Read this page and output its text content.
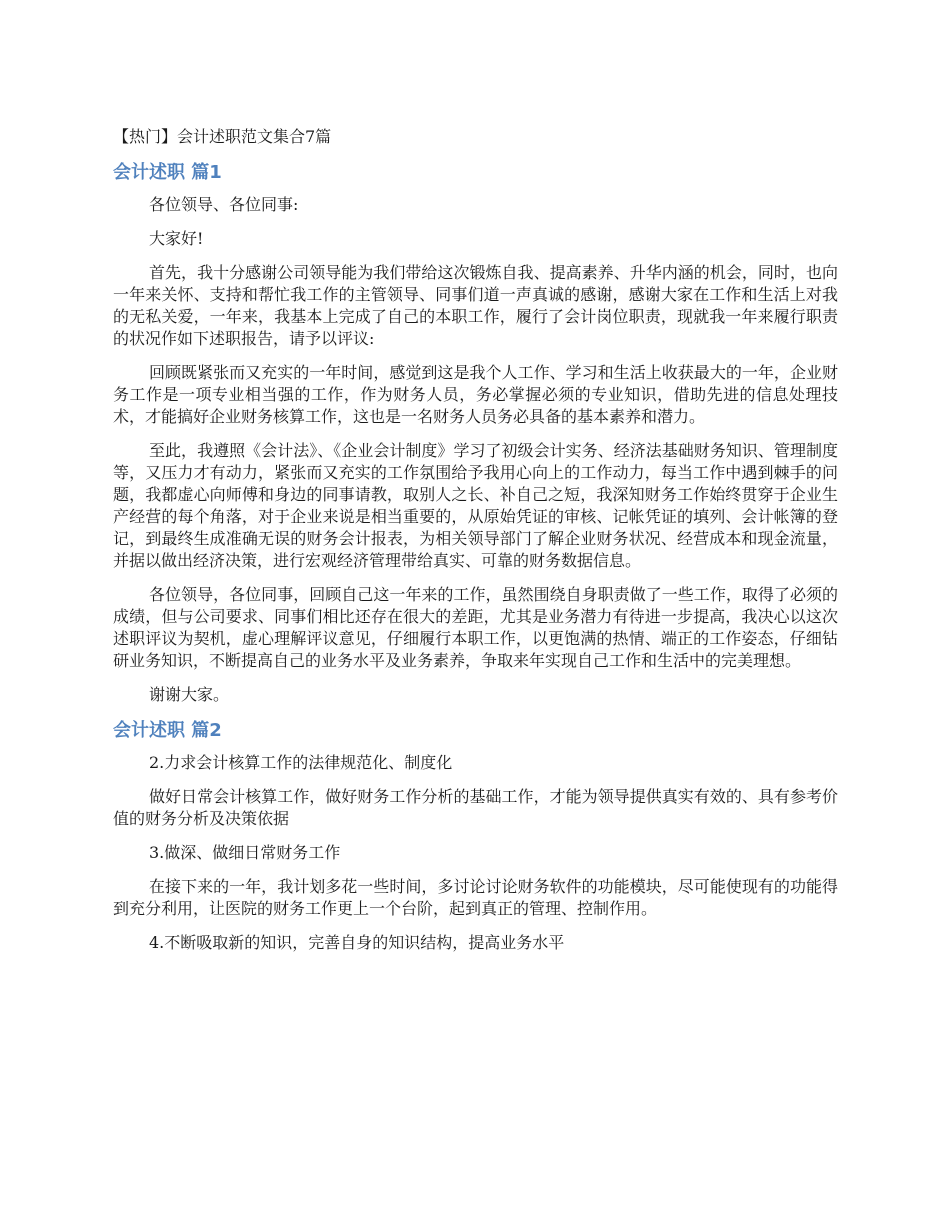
【热门】会计述职范文集合7篇

会计述职 篇1

各位领导、各位同事:

大家好!

首先，我十分感谢公司领导能为我们带给这次锻炼自我、提高素养、升华内涵的机会，同时，也向一年来关怀、支持和帮忙我工作的主管领导、同事们道一声真诚的感谢，感谢大家在工作和生活上对我的无私关爱，一年来，我基本上完成了自己的本职工作，履行了会计岗位职责，现就我一年来履行职责的状况作如下述职报告，请予以评议:

回顾既紧张而又充实的一年时间，感觉到这是我个人工作、学习和生活上收获最大的一年，企业财务工作是一项专业相当强的工作，作为财务人员，务必掌握必须的专业知识，借助先进的信息处理技术，才能搞好企业财务核算工作，这也是一名财务人员务必具备的基本素养和潜力。

至此，我遵照《会计法》、《企业会计制度》学习了初级会计实务、经济法基础财务知识、管理制度等，又压力才有动力，紧张而又充实的工作氛围给予我用心向上的工作动力，每当工作中遇到棘手的问题，我都虚心向师傅和身边的同事请教，取别人之长、补自己之短，我深知财务工作始终贯穿于企业生产经营的每个角落，对于企业来说是相当重要的，从原始凭证的审核、记帐凭证的填列、会计帐簿的登记，到最终生成准确无误的财务会计报表，为相关领导部门了解企业财务状况、经营成本和现金流量，并据以做出经济决策，进行宏观经济管理带给真实、可靠的财务数据信息。

各位领导，各位同事，回顾自己这一年来的工作，虽然围绕自身职责做了一些工作，取得了必须的成绩，但与公司要求、同事们相比还存在很大的差距，尤其是业务潜力有待进一步提高，我决心以这次述职评议为契机，虚心理解评议意见，仔细履行本职工作，以更饱满的热情、端正的工作姿态，仔细钻研业务知识，不断提高自己的业务水平及业务素养，争取来年实现自己工作和生活中的完美理想。

谢谢大家。

会计述职 篇2

2.力求会计核算工作的法律规范化、制度化

做好日常会计核算工作，做好财务工作分析的基础工作，才能为领导提供真实有效的、具有参考价值的财务分析及决策依据

3.做深、做细日常财务工作

在接下来的一年，我计划多花一些时间，多讨论讨论财务软件的功能模块，尽可能使现有的功能得到充分利用，让医院的财务工作更上一个台阶，起到真正的管理、控制作用。

4.不断吸取新的知识，完善自身的知识结构，提高业务水平
